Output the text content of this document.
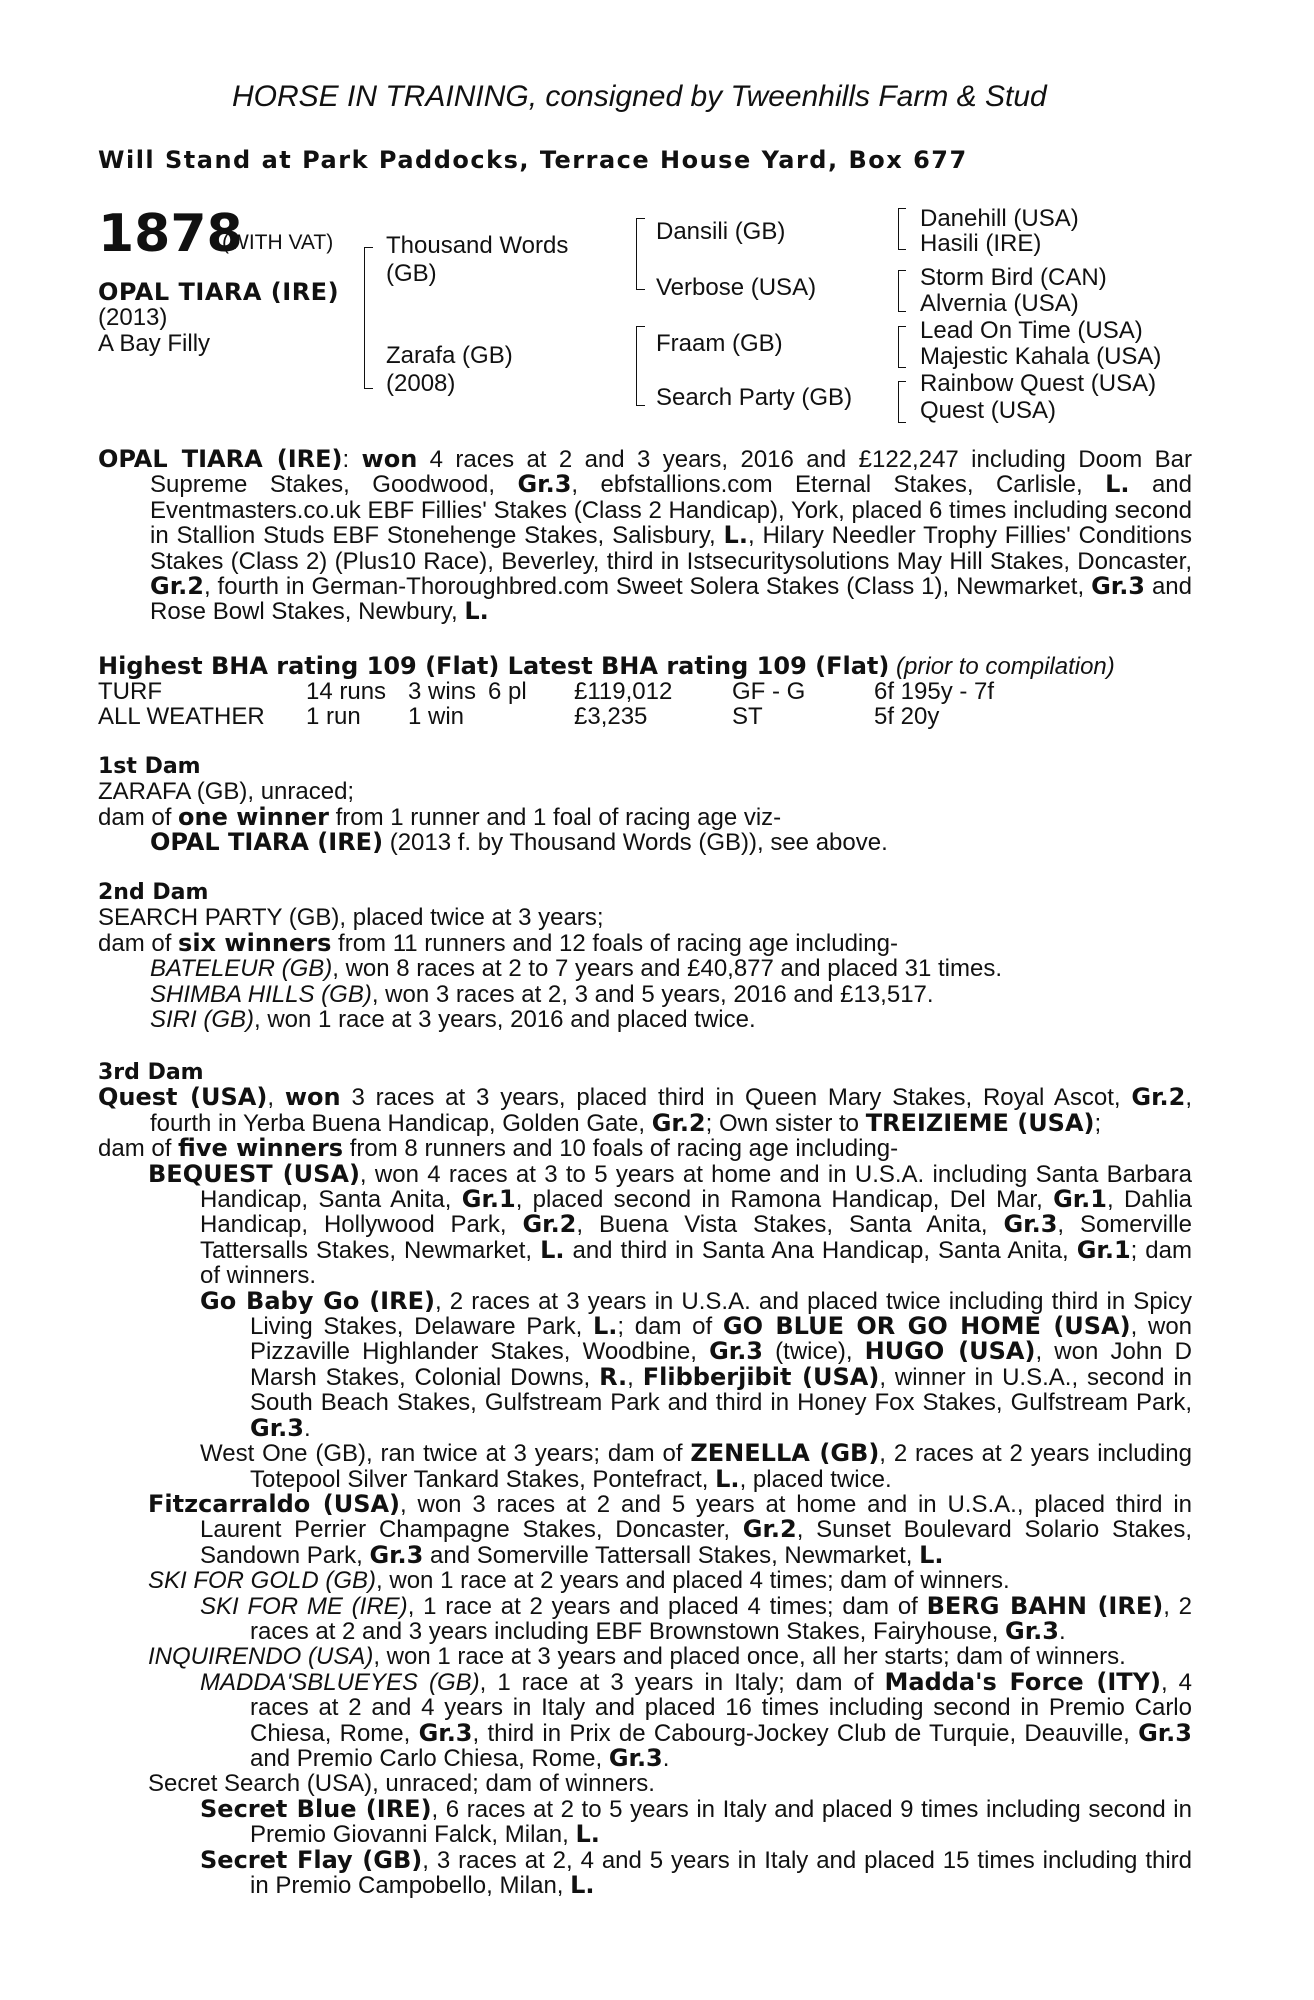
HORSE IN TRAINING, consigned by Tweenhills Farm & Stud
Will Stand at Park Paddocks, Terrace House Yard, Box 677
1878
(WITH VAT)
OPAL TIARA (IRE)
(2013)
A Bay Filly
Thousand Words
(GB)
Zarafa (GB)
(2008)
Dansili (GB)
Verbose (USA)
Fraam (GB)
Search Party (GB)
Danehill (USA)
Hasili (IRE)
Storm Bird (CAN)
Alvernia (USA)
Lead On Time (USA)
Majestic Kahala (USA)
Rainbow Quest (USA)
Quest (USA)

OPAL TIARA (IRE): won 4 races at 2 and 3 years, 2016 and £122,247 including Doom Bar Supreme Stakes, Goodwood, Gr.3, ebfstallions.com Eternal Stakes, Carlisle, L. and Eventmasters.co.uk EBF Fillies' Stakes (Class 2 Handicap), York, placed 6 times including second in Stallion Studs EBF Stonehenge Stakes, Salisbury, L., Hilary Needler Trophy Fillies' Conditions Stakes (Class 2) (Plus10 Race), Beverley, third in Istsecuritysolutions May Hill Stakes, Doncaster, Gr.2, fourth in German-Thoroughbred.com Sweet Solera Stakes (Class 1), Newmarket, Gr.3 and Rose Bowl Stakes, Newbury, L.

Highest BHA rating 109 (Flat) Latest BHA rating 109 (Flat) (prior to compilation)
TURF	14 runs 3 wins 6 pl £119,012 GF - G	6f 195y - 7f
ALL WEATHER 1 run 1 win	£3,235	ST	5f 20y

1st Dam

ZARAFA (GB), unraced;

dam of one winner from 1 runner and 1 foal of racing age viz-

OPAL TIARA (IRE) (2013 f. by Thousand Words (GB)), see above.

2nd Dam

SEARCH PARTY (GB), placed twice at 3 years;

dam of six winners from 11 runners and 12 foals of racing age including-

BATELEUR (GB), won 8 races at 2 to 7 years and £40,877 and placed 31 times.

SHIMBA HILLS (GB), won 3 races at 2, 3 and 5 years, 2016 and £13,517.

SIRI (GB), won 1 race at 3 years, 2016 and placed twice.

3rd Dam

Quest (USA), won 3 races at 3 years, placed third in Queen Mary Stakes, Royal Ascot, Gr.2, fourth in Yerba Buena Handicap, Golden Gate, Gr.2; Own sister to TREIZIEME (USA);

dam of five winners from 8 runners and 10 foals of racing age including-

BEQUEST (USA), won 4 races at 3 to 5 years at home and in U.S.A. including Santa Barbara Handicap, Santa Anita, Gr.1, placed second in Ramona Handicap, Del Mar, Gr.1, Dahlia Handicap, Hollywood Park, Gr.2, Buena Vista Stakes, Santa Anita, Gr.3, Somerville Tattersalls Stakes, Newmarket, L. and third in Santa Ana Handicap, Santa Anita, Gr.1; dam of winners.

Go Baby Go (IRE), 2 races at 3 years in U.S.A. and placed twice including third in Spicy Living Stakes, Delaware Park, L.; dam of GO BLUE OR GO HOME (USA), won Pizzaville Highlander Stakes, Woodbine, Gr.3 (twice), HUGO (USA), won John D Marsh Stakes, Colonial Downs, R., Flibberjibit (USA), winner in U.S.A., second in South Beach Stakes, Gulfstream Park and third in Honey Fox Stakes, Gulfstream Park, Gr.3.

West One (GB), ran twice at 3 years; dam of ZENELLA (GB), 2 races at 2 years including Totepool Silver Tankard Stakes, Pontefract, L., placed twice.

Fitzcarraldo (USA), won 3 races at 2 and 5 years at home and in U.S.A., placed third in Laurent Perrier Champagne Stakes, Doncaster, Gr.2, Sunset Boulevard Solario Stakes, Sandown Park, Gr.3 and Somerville Tattersall Stakes, Newmarket, L.

SKI FOR GOLD (GB), won 1 race at 2 years and placed 4 times; dam of winners.

SKI FOR ME (IRE), 1 race at 2 years and placed 4 times; dam of BERG BAHN (IRE), 2 races at 2 and 3 years including EBF Brownstown Stakes, Fairyhouse, Gr.3.

INQUIRENDO (USA), won 1 race at 3 years and placed once, all her starts; dam of winners.

MADDA'SBLUEYES (GB), 1 race at 3 years in Italy; dam of Madda's Force (ITY), 4 races at 2 and 4 years in Italy and placed 16 times including second in Premio Carlo Chiesa, Rome, Gr.3, third in Prix de Cabourg-Jockey Club de Turquie, Deauville, Gr.3 and Premio Carlo Chiesa, Rome, Gr.3.

Secret Search (USA), unraced; dam of winners.

Secret Blue (IRE), 6 races at 2 to 5 years in Italy and placed 9 times including second in Premio Giovanni Falck, Milan, L.

Secret Flay (GB), 3 races at 2, 4 and 5 years in Italy and placed 15 times including third in Premio Campobello, Milan, L.
